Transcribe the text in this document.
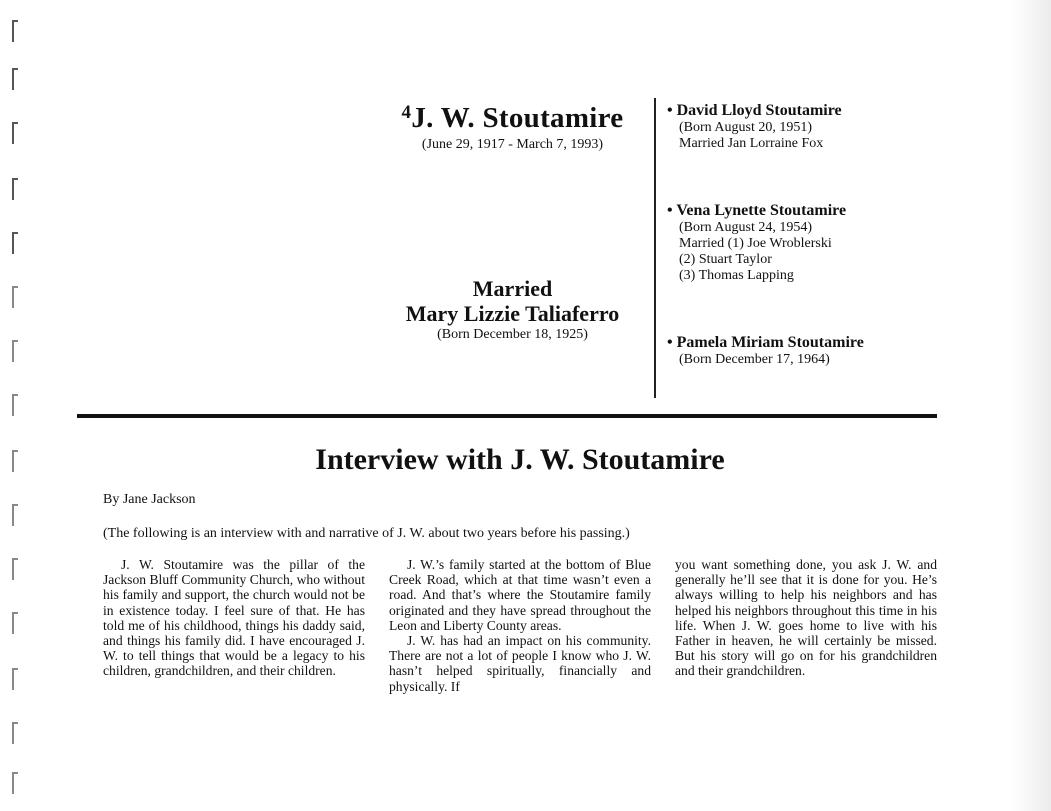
$^4$J. W. Stoutamire
(June 29, 1917 - March 7, 1993)
Married
Mary Lizzie Taliaferro
(Born December 18, 1925)
• David Lloyd Stoutamire
(Born August 20, 1951)
Married Jan Lorraine Fox
• Vena Lynette Stoutamire
(Born August 24, 1954)
Married (1) Joe Wroblerski
(2) Stuart Taylor
(3) Thomas Lapping
• Pamela Miriam Stoutamire
(Born December 17, 1964)
Interview with J. W. Stoutamire
By Jane Jackson
(The following is an interview with and narrative of J. W. about two years before his passing.)

J. W. Stoutamire was the pillar of the Jackson Bluff Community Church, who without his family and support, the church would not be in existence today. I feel sure of that. He has told me of his childhood, things his daddy said, and things his family did. I have encouraged J. W. to tell things that would be a legacy to his children, grandchildren, and their children.

J. W.’s family started at the bottom of Blue Creek Road, which at that time wasn’t even a road. And that’s where the Stoutamire family originated and they have spread throughout the Leon and Liberty County areas.

J. W. has had an impact on his community. There are not a lot of people I know who J. W. hasn’t helped spiritually, financially and physically. If

you want something done, you ask J. W. and generally he’ll see that it is done for you. He’s always willing to help his neighbors and has helped his neighbors throughout this time in his life. When J. W. goes home to live with his Father in heaven, he will certainly be missed. But his story will go on for his grandchildren and their grandchildren.
